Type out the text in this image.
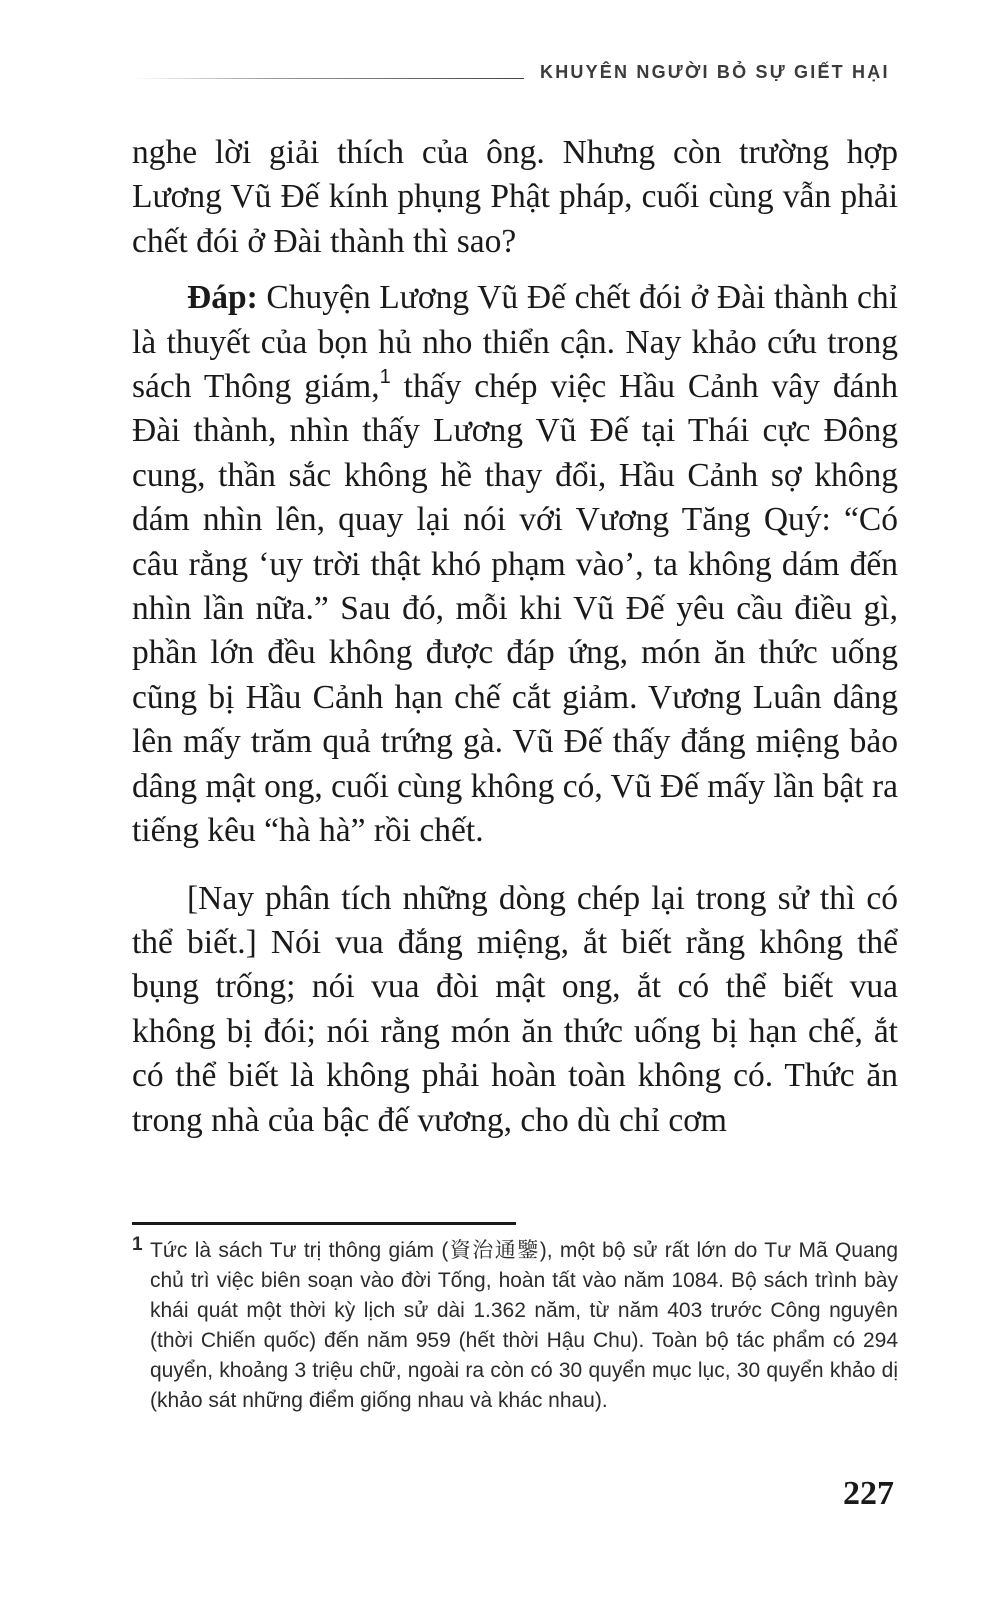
KHUYÊN NGƯỜI BỎ SỰ GIẾT HẠI

nghe lời giải thích của ông. Nhưng còn trường hợp Lương Vũ Đế kính phụng Phật pháp, cuối cùng vẫn phải chết đói ở Đài thành thì sao?

Đáp: Chuyện Lương Vũ Đế chết đói ở Đài thành chỉ là thuyết của bọn hủ nho thiển cận. Nay khảo cứu trong sách Thông giám,$^1$ thấy chép việc Hầu Cảnh vây đánh Đài thành, nhìn thấy Lương Vũ Đế tại Thái cực Đông cung, thần sắc không hề thay đổi, Hầu Cảnh sợ không dám nhìn lên, quay lại nói với Vương Tăng Quý: “Có câu rằng ‘uy trời thật khó phạm vào’, ta không dám đến nhìn lần nữa.” Sau đó, mỗi khi Vũ Đế yêu cầu điều gì, phần lớn đều không được đáp ứng, món ăn thức uống cũng bị Hầu Cảnh hạn chế cắt giảm. Vương Luân dâng lên mấy trăm quả trứng gà. Vũ Đế thấy đắng miệng bảo dâng mật ong, cuối cùng không có, Vũ Đế mấy lần bật ra tiếng kêu “hà hà” rồi chết.

[Nay phân tích những dòng chép lại trong sử thì có thể biết.] Nói vua đắng miệng, ắt biết rằng không thể bụng trống; nói vua đòi mật ong, ắt có thể biết vua không bị đói; nói rằng món ăn thức uống bị hạn chế, ắt có thể biết là không phải hoàn toàn không có. Thức ăn trong nhà của bậc đế vương, cho dù chỉ cơm

1 Tức là sách Tư trị thông giám (資治通鑒), một bộ sử rất lớn do Tư Mã Quang chủ trì việc biên soạn vào đời Tống, hoàn tất vào năm 1084. Bộ sách trình bày khái quát một thời kỳ lịch sử dài 1.362 năm, từ năm 403 trước Công nguyên (thời Chiến quốc) đến năm 959 (hết thời Hậu Chu). Toàn bộ tác phẩm có 294 quyển, khoảng 3 triệu chữ, ngoài ra còn có 30 quyển mục lục, 30 quyển khảo dị (khảo sát những điểm giống nhau và khác nhau).
227
